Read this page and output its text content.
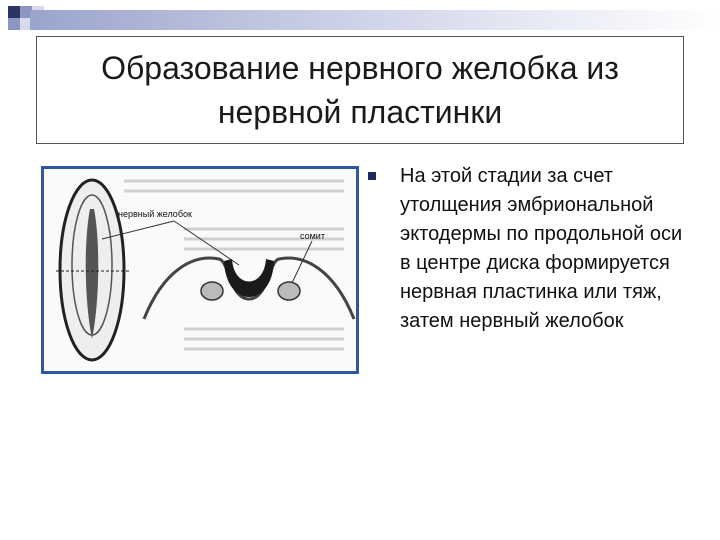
Образование нервного желобка из нервной пластинки
нервный желобок
сомит

На этой стадии за счет утолщения эмбриональной эктодермы по продольной оси в центре диска формируется нервная пластинка или тяж, затем нервный желобок
